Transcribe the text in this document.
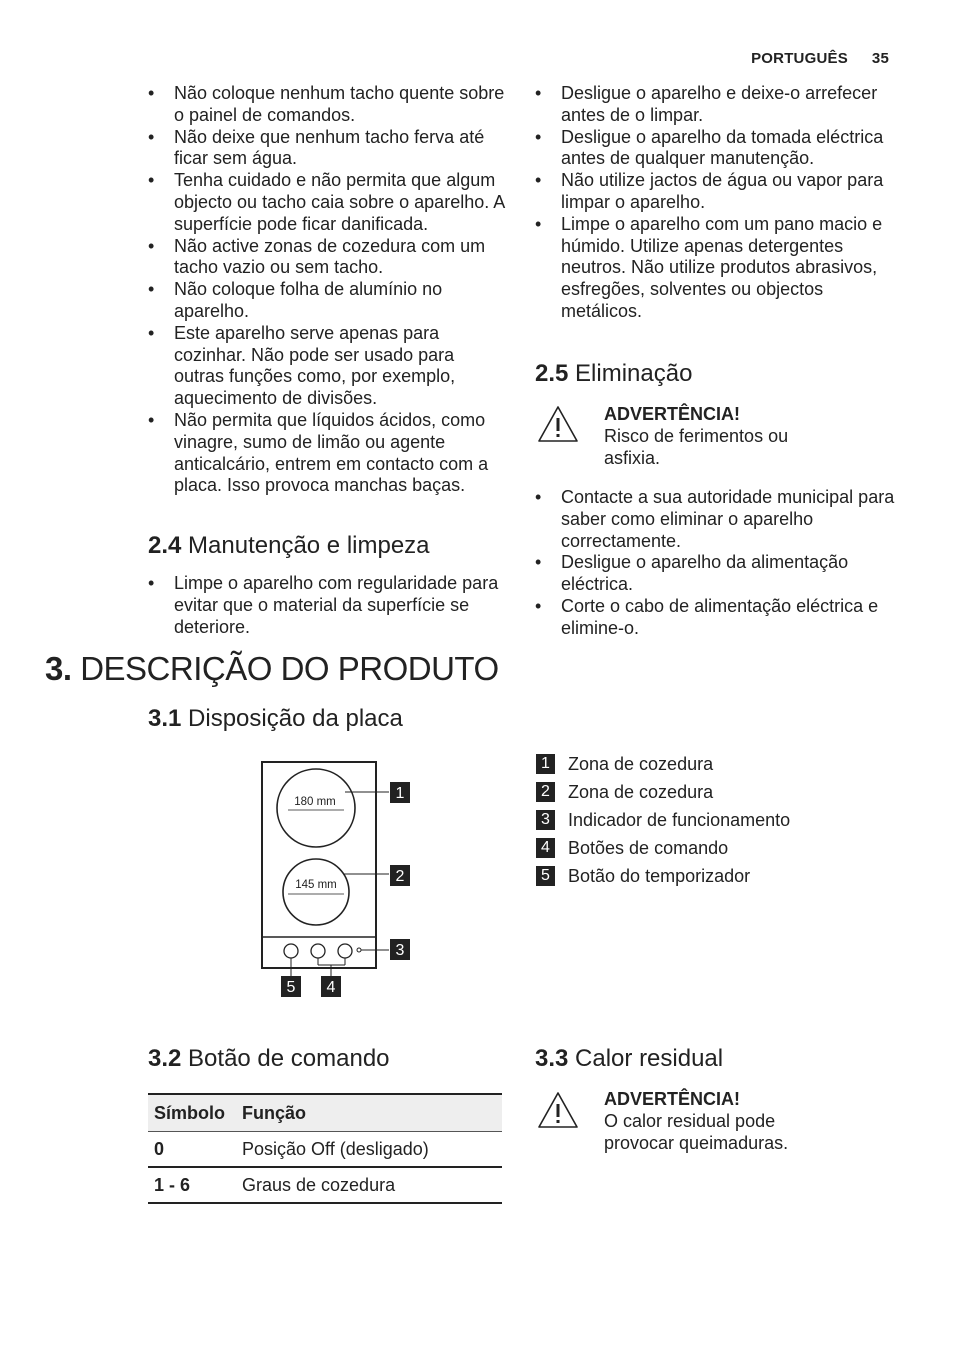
PORTUGUÊS 35
• Não coloque nenhum tacho quente sobre o painel de comandos.
• Não deixe que nenhum tacho ferva até ficar sem água.
• Tenha cuidado e não permita que algum objecto ou tacho caia sobre o aparelho. A superfície pode ficar danificada.
• Não active zonas de cozedura com um tacho vazio ou sem tacho.
• Não coloque folha de alumínio no aparelho.
• Este aparelho serve apenas para cozinhar. Não pode ser usado para outras funções como, por exemplo, aquecimento de divisões.
• Não permita que líquidos ácidos, como vinagre, sumo de limão ou agente anticalcário, entrem em contacto com a placa. Isso provoca manchas baças.
2.4 Manutenção e limpeza
• Limpe o aparelho com regularidade para evitar que o material da superfície se deteriore.
• Desligue o aparelho e deixe-o arrefecer antes de o limpar.
• Desligue o aparelho da tomada eléctrica antes de qualquer manutenção.
• Não utilize jactos de água ou vapor para limpar o aparelho.
• Limpe o aparelho com um pano macio e húmido. Utilize apenas detergentes neutros. Não utilize produtos abrasivos, esfregões, solventes ou objectos metálicos.
2.5 Eliminação
ADVERTÊNCIA!
Risco de ferimentos ou
asfixia.
• Contacte a sua autoridade municipal para saber como eliminar o aparelho correctamente.
• Desligue o aparelho da alimentação eléctrica.
• Corte o cabo de alimentação eléctrica e elimine-o.
3. DESCRIÇÃO DO PRODUTO
3.1 Disposição da placa
180 mm
145 mm
1
2
3
5 4
1 Zona de cozedura
2 Zona de cozedura
3 Indicador de funcionamento
4 Botões de comando
5 Botão do temporizador
3.2 Botão de comando
Símbolo	Função
0	Posição Off (desligado)
1 - 6	Graus de cozedura
3.3 Calor residual
ADVERTÊNCIA!
O calor residual pode
provocar queimaduras.
